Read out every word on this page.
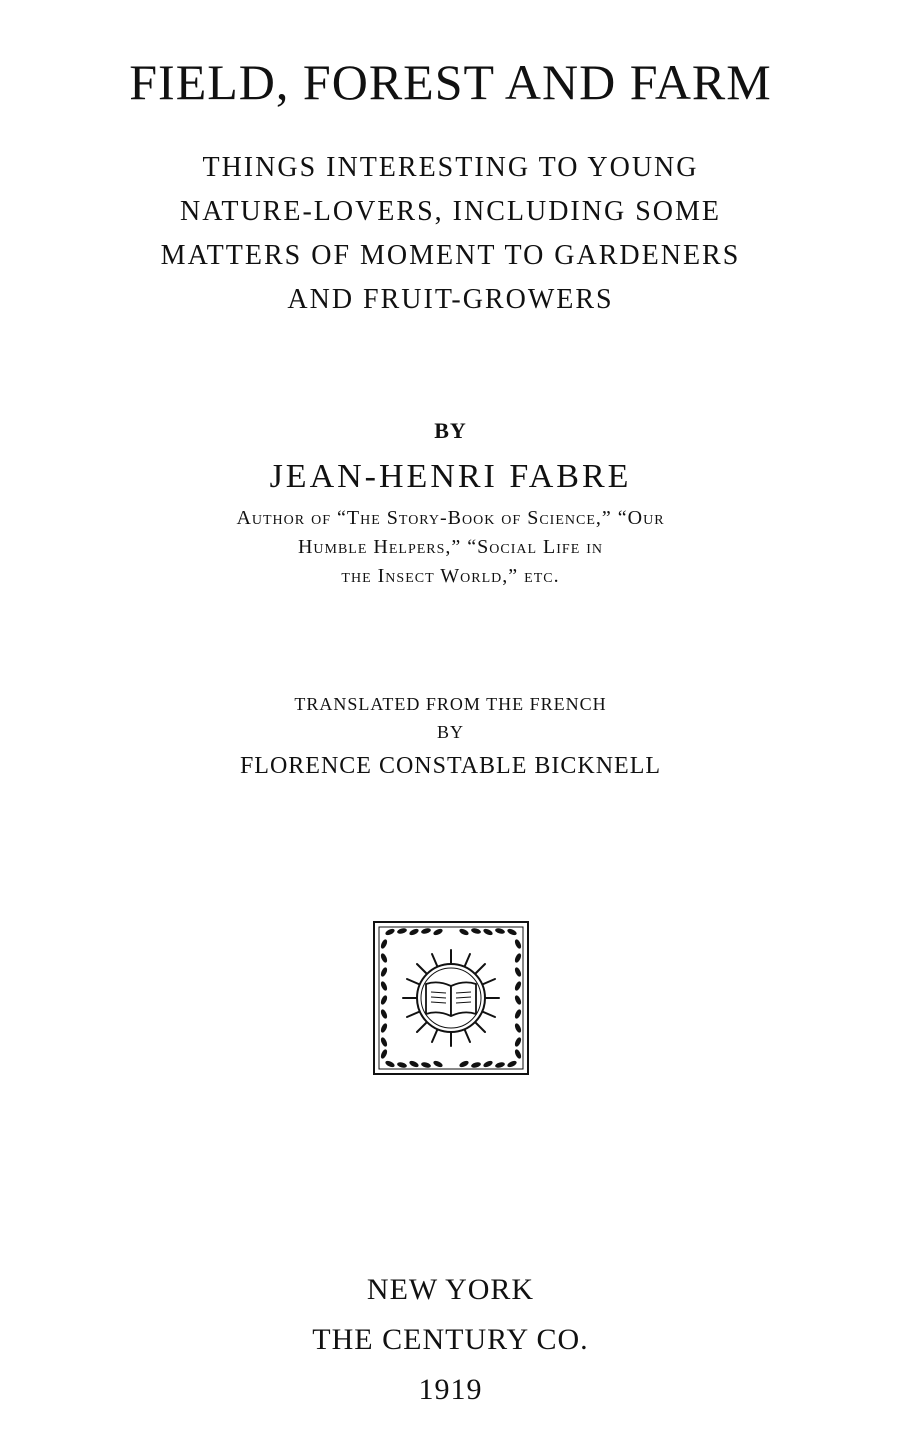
FIELD, FOREST AND FARM
THINGS INTERESTING TO YOUNG
NATURE-LOVERS, INCLUDING SOME
MATTERS OF MOMENT TO GARDENERS
AND FRUIT-GROWERS
BY
JEAN-HENRI FABRE
Author of “The Story-Book of Science,” “Our
Humble Helpers,” “Social Life in
the Insect World,” etc.
TRANSLATED FROM THE FRENCH
BY
FLORENCE CONSTABLE BICKNELL
NEW YORK
THE CENTURY CO.
1919
